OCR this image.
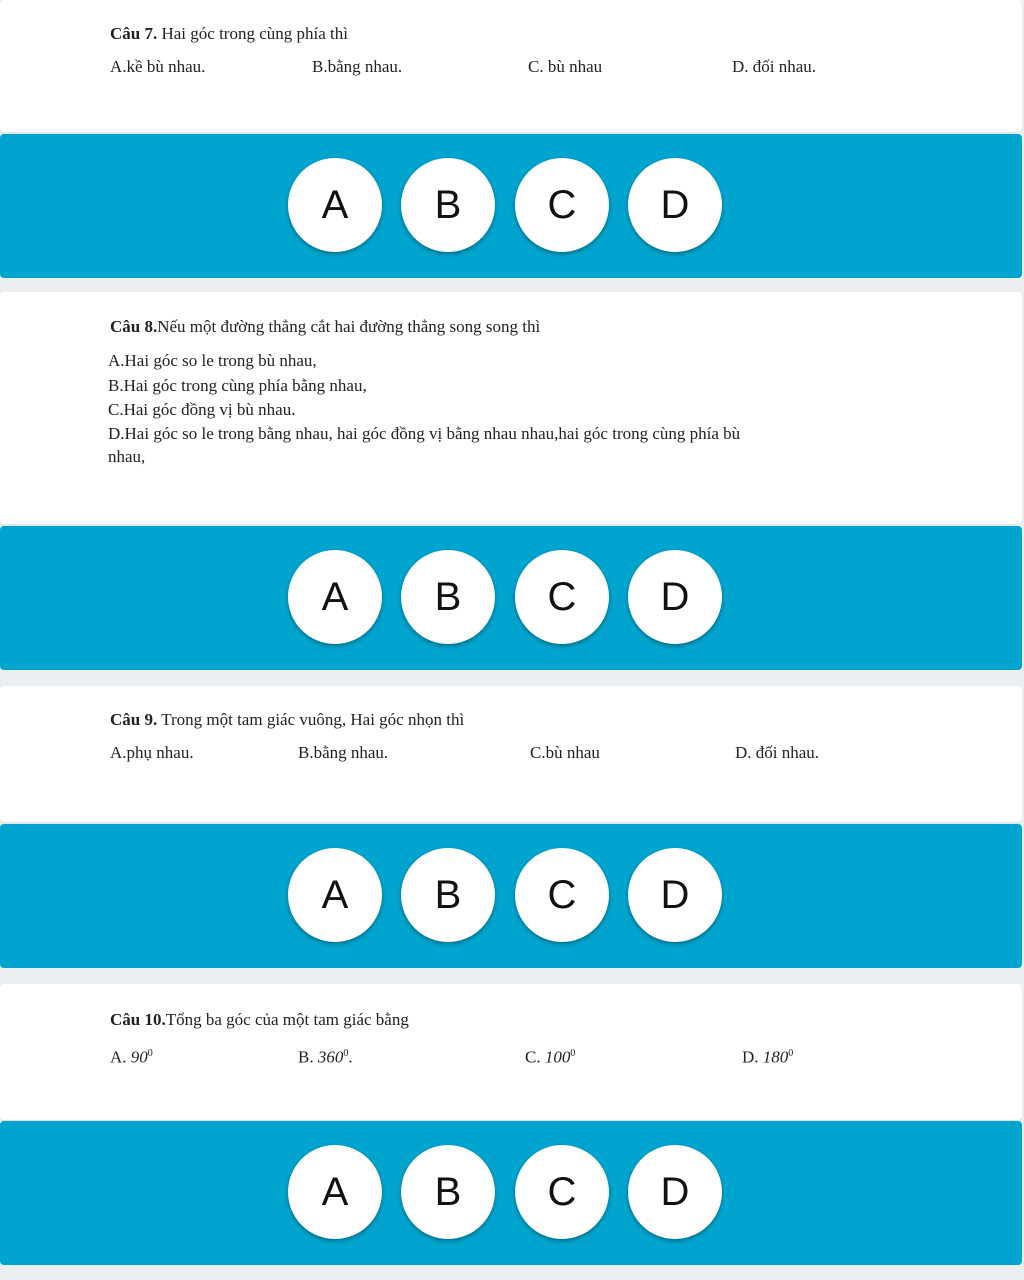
Câu 7. Hai góc trong cùng phía thì
A.kề bù nhau.	B.bằng nhau.	C. bù nhau	D. đối nhau.
A	B	C	D
Câu 8.Nếu một đường thẳng cắt hai đường thẳng song song thì
A.Hai góc so le trong bù nhau,
B.Hai góc trong cùng phía bằng nhau,
C.Hai góc đồng vị bù nhau.
D.Hai góc so le trong bằng nhau, hai góc đồng vị bằng nhau nhau,hai góc trong cùng phía bù
nhau,
A	B	C	D
Câu 9. Trong một tam giác vuông, Hai góc nhọn thì
A.phụ nhau.	B.bằng nhau.	C.bù nhau	D. đối nhau.
A	B	C	D
Câu 10.Tổng ba góc của một tam giác bằng
A. $90^0$	B. $360^0$.	C. $100^0$	D. $180^0$
A	B	C	D
